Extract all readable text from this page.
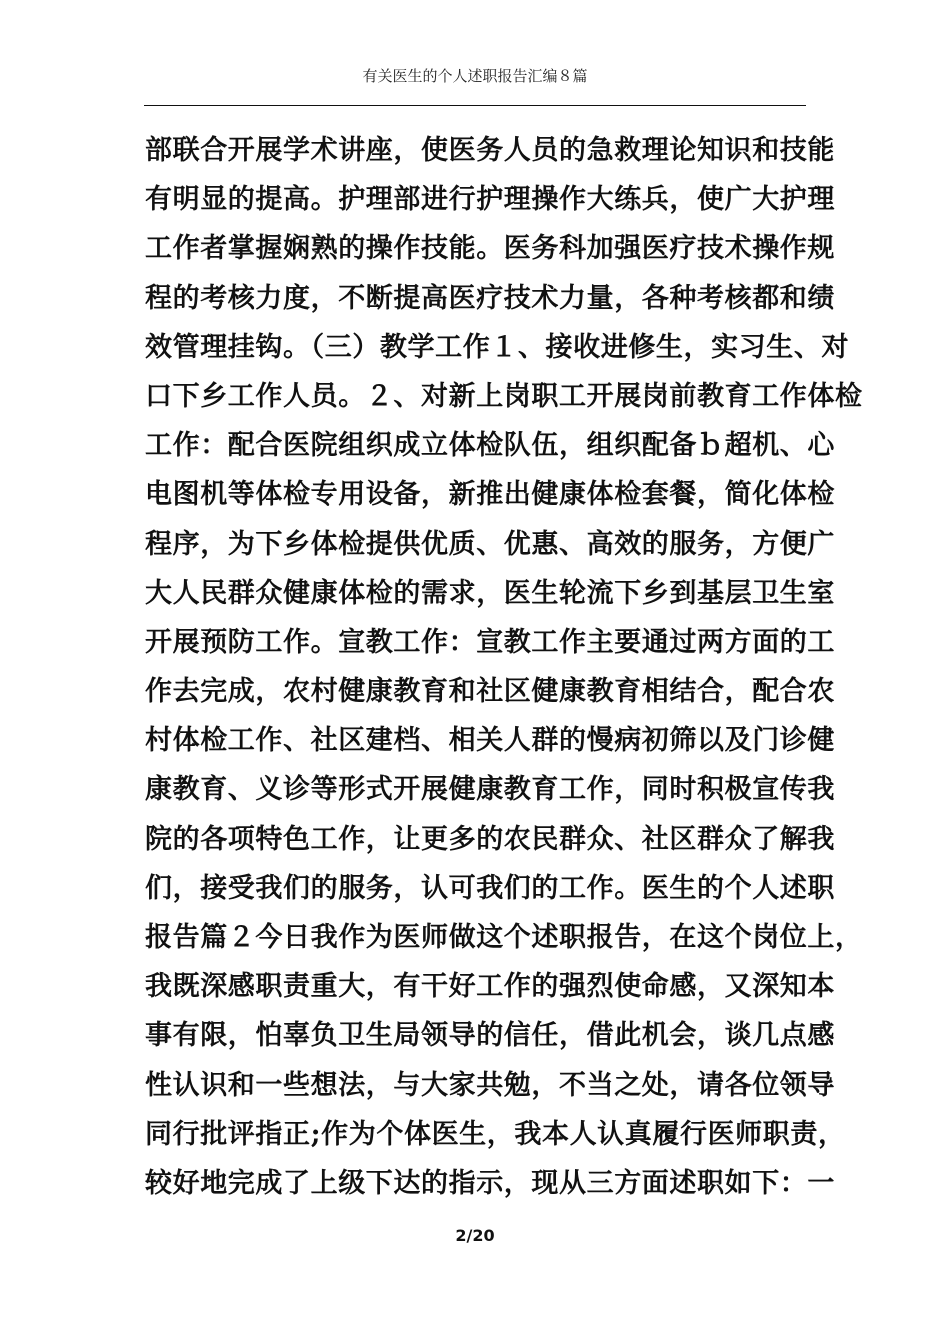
有关医生的个人述职报告汇编８篇
部联合开展学术讲座，使医务人员的急救理论知识和技能
有明显的提高。护理部进行护理操作大练兵，使广大护理
工作者掌握娴熟的操作技能。医务科加强医疗技术操作规
程的考核力度，不断提高医疗技术力量，各种考核都和绩
效管理挂钩。（三）教学工作１、接收进修生，实习生、对
口下乡工作人员。２、对新上岗职工开展岗前教育工作体检
工作：配合医院组织成立体检队伍，组织配备ｂ超机、心
电图机等体检专用设备，新推出健康体检套餐，简化体检
程序，为下乡体检提供优质、优惠、高效的服务，方便广
大人民群众健康体检的需求，医生轮流下乡到基层卫生室
开展预防工作。宣教工作：宣教工作主要通过两方面的工
作去完成，农村健康教育和社区健康教育相结合，配合农
村体检工作、社区建档、相关人群的慢病初筛以及门诊健
康教育、义诊等形式开展健康教育工作，同时积极宣传我
院的各项特色工作，让更多的农民群众、社区群众了解我
们，接受我们的服务，认可我们的工作。医生的个人述职
报告篇２今日我作为医师做这个述职报告，在这个岗位上，
我既深感职责重大，有干好工作的强烈使命感，又深知本
事有限，怕辜负卫生局领导的信任，借此机会，谈几点感
性认识和一些想法，与大家共勉，不当之处，请各位领导
同行批评指正;作为个体医生，我本人认真履行医师职责，
较好地完成了上级下达的指示，现从三方面述职如下：一
2/20
